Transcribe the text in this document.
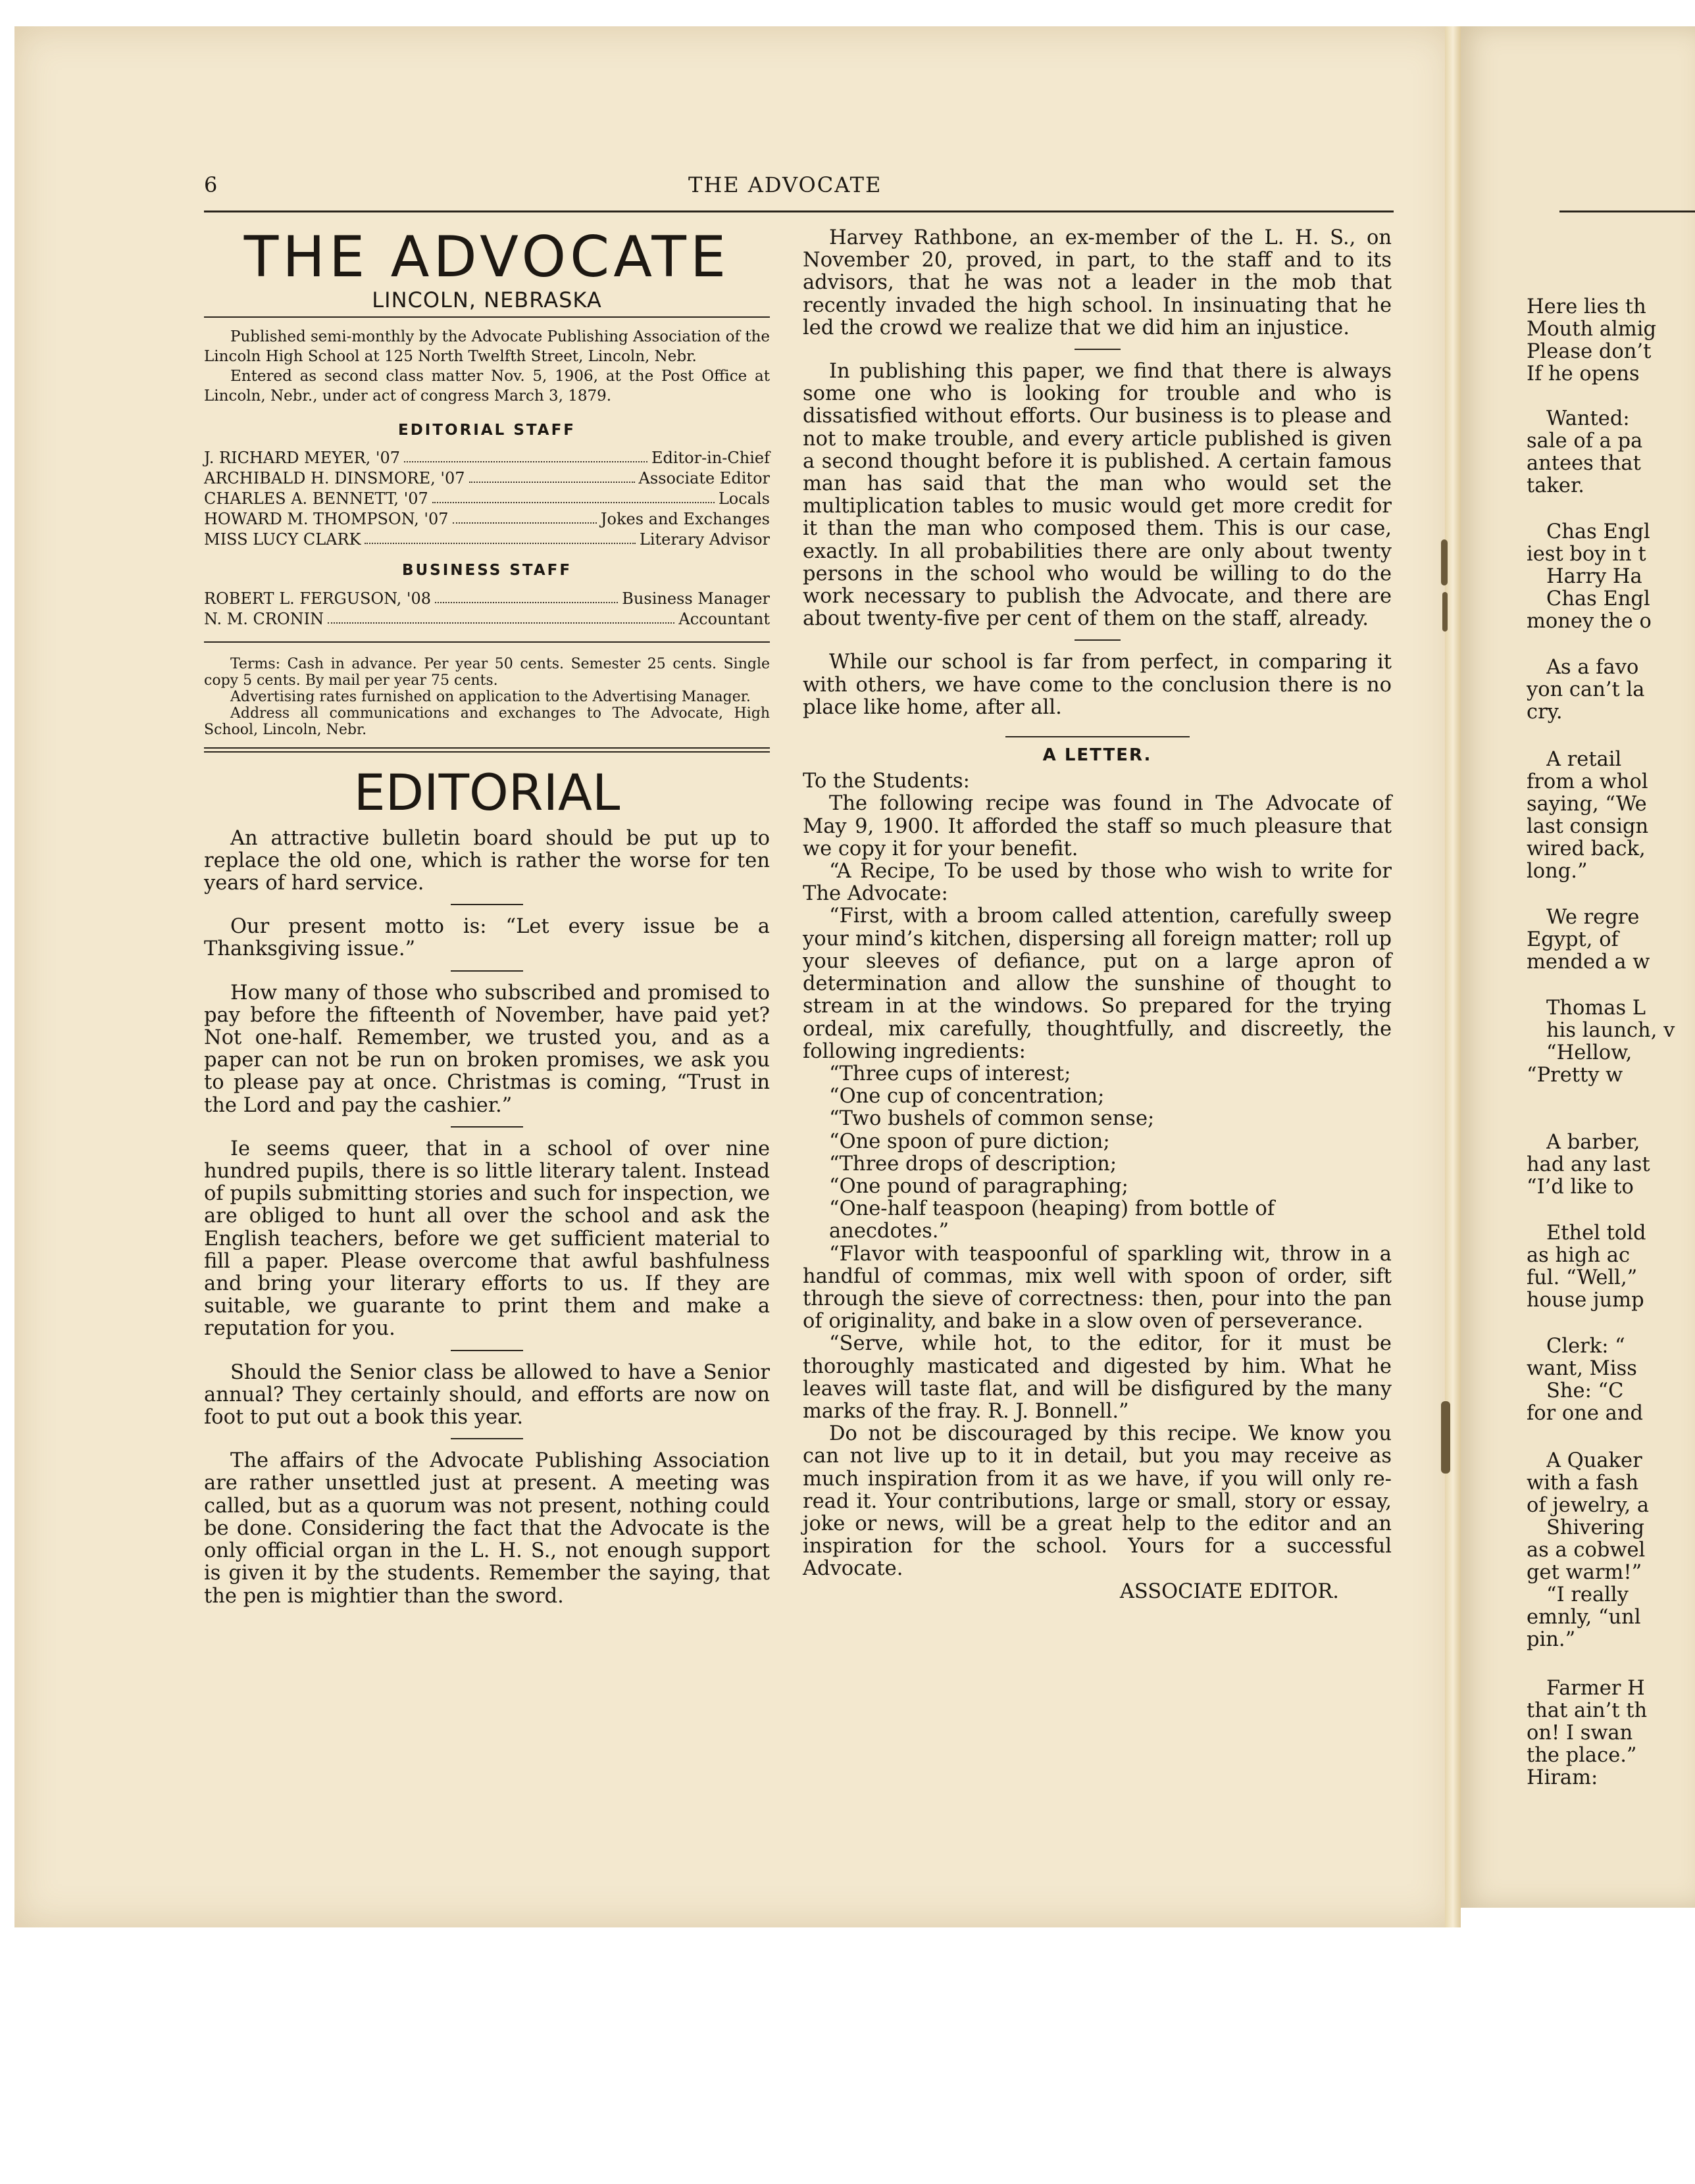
6	THE ADVOCATE
THE ADVOCATE
LINCOLN, NEBRASKA

Published semi-monthly by the Advocate Publishing Association of the Lincoln High School at 125 North Twelfth Street, Lincoln, Nebr.

Entered as second class matter Nov. 5, 1906, at the Post Office at Lincoln, Nebr., under act of congress March 3, 1879.

EDITORIAL STAFF
J. RICHARD MEYER, '07	Editor-in-Chief
ARCHIBALD H. DINSMORE, '07	Associate Editor
CHARLES A. BENNETT, '07	Locals
HOWARD M. THOMPSON, '07	Jokes and Exchanges
MISS LUCY CLARK	Literary Advisor
BUSINESS STAFF
ROBERT L. FERGUSON, '08	Business Manager
N. M. CRONIN	Accountant

Terms: Cash in advance. Per year 50 cents. Semester 25 cents. Single copy 5 cents. By mail per year 75 cents.

Advertising rates furnished on application to the Advertising Manager.

Address all communications and exchanges to The Advocate, High School, Lincoln, Nebr.

EDITORIAL

An attractive bulletin board should be put up to replace the old one, which is rather the worse for ten years of hard service.

Our present motto is: “Let every issue be a Thanksgiving issue.”

How many of those who subscribed and promised to pay before the fifteenth of November, have paid yet? Not one-half. Remember, we trusted you, and as a paper can not be run on broken promises, we ask you to please pay at once. Christmas is coming, “Trust in the Lord and pay the cashier.”

Ie seems queer, that in a school of over nine hundred pupils, there is so little literary talent. Instead of pupils submitting stories and such for inspection, we are obliged to hunt all over the school and ask the English teachers, before we get sufficient material to fill a paper. Please overcome that awful bashfulness and bring your literary efforts to us. If they are suitable, we guarante to print them and make a reputation for you.

Should the Senior class be allowed to have a Senior annual? They certainly should, and efforts are now on foot to put out a book this year.

The affairs of the Advocate Publishing Association are rather unsettled just at present. A meeting was called, but as a quorum was not present, nothing could be done. Considering the fact that the Advocate is the only official organ in the L. H. S., not enough support is given it by the students. Remember the saying, that the pen is mightier than the sword.

Harvey Rathbone, an ex-member of the L. H. S., on November 20, proved, in part, to the staff and to its advisors, that he was not a leader in the mob that recently invaded the high school. In insinuating that he led the crowd we realize that we did him an injustice.

In publishing this paper, we find that there is always some one who is looking for trouble and who is dissatisfied without efforts. Our business is to please and not to make trouble, and every article published is given a second thought before it is published. A certain famous man has said that the man who would set the multiplication tables to music would get more credit for it than the man who composed them. This is our case, exactly. In all probabilities there are only about twenty persons in the school who would be willing to do the work necessary to publish the Advocate, and there are about twenty-five per cent of them on the staff, already.

While our school is far from perfect, in comparing it with others, we have come to the conclusion there is no place like home, after all.

A LETTER.

To the Students:

The following recipe was found in The Advocate of May 9, 1900. It afforded the staff so much pleasure that we copy it for your benefit.

“A Recipe, To be used by those who wish to write for The Advocate:

“First, with a broom called attention, carefully sweep your mind’s kitchen, dispersing all foreign matter; roll up your sleeves of defiance, put on a large apron of determination and allow the sunshine of thought to stream in at the windows. So prepared for the trying ordeal, mix carefully, thoughtfully, and discreetly, the following ingredients:

“Three cups of interest;

“One cup of concentration;

“Two bushels of common sense;

“One spoon of pure diction;

“Three drops of description;

“One pound of paragraphing;

“One-half teaspoon (heaping) from bottle of anecdotes.”

“Flavor with teaspoonful of sparkling wit, throw in a handful of commas, mix well with spoon of order, sift through the sieve of correctness: then, pour into the pan of originality, and bake in a slow oven of perseverance.

“Serve, while hot, to the editor, for it must be thoroughly masticated and digested by him. What he leaves will taste flat, and will be disfigured by the many marks of the fray. R. J. Bonnell.”

Do not be discouraged by this recipe. We know you can not live up to it in detail, but you may receive as much inspiration from it as we have, if you will only re-read it. Your contributions, large or small, story or essay, joke or news, will be a great help to the editor and an inspiration for the school. Yours for a successful Advocate.

ASSOCIATE EDITOR.

Here lies th
Mouth almig
Please don’t
If he opens
Wanted:
sale of a pa
antees that
taker.
Chas Engl
iest boy in t
Harry Ha
Chas Engl
money the o
As a favo
yon can’t la
cry.
A retail
from a whol
saying, “We
last consign
wired back,
long.”
We regre
Egypt, of
mended a w
Thomas L
his launch, v
“Hellow,
“Pretty w
A barber,
had any last
“I’d like to
Ethel told
as high ac
ful. “Well,”
house jump
Clerk: “
want, Miss
She: “C
for one and
A Quaker
with a fash
of jewelry, a
Shivering
as a cobwel
get warm!”
“I really
emnly, “unl
pin.”
Farmer H
that ain’t th
on! I swan
the place.”
Hiram:
